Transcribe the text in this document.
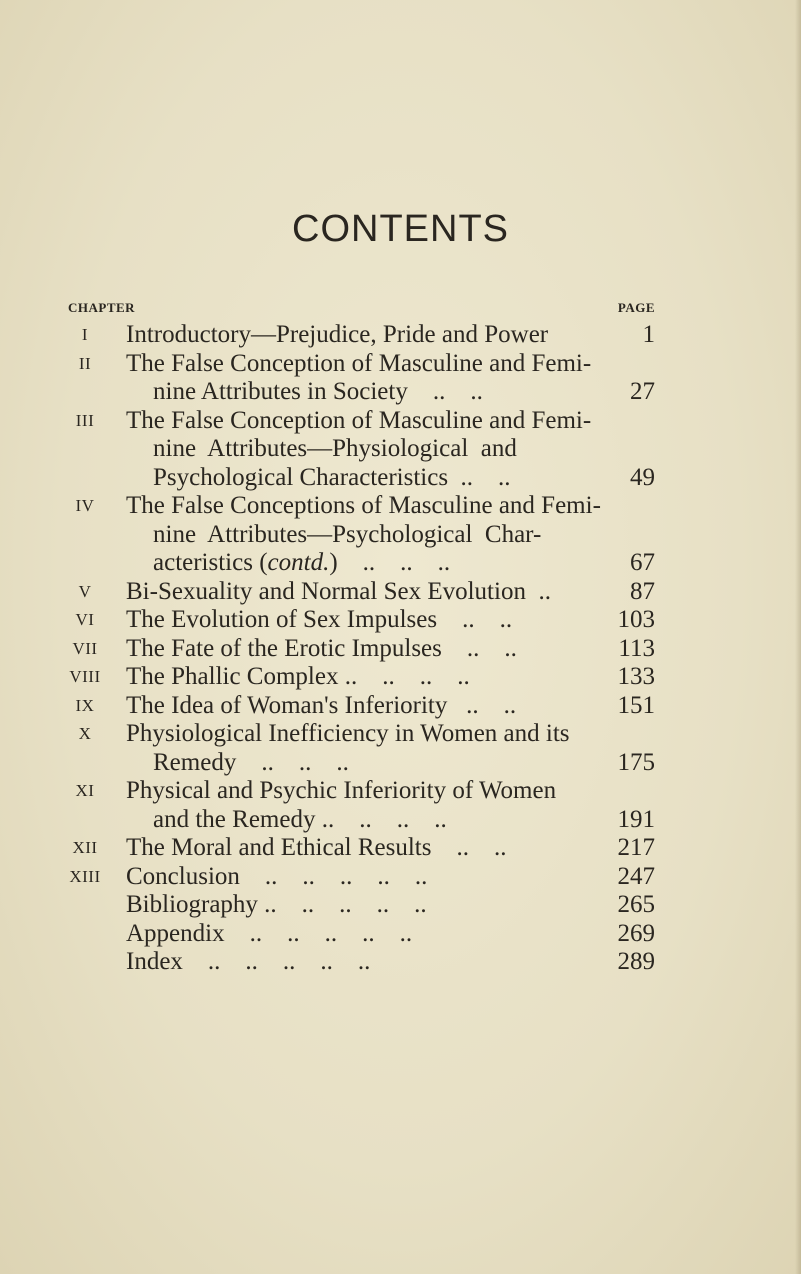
CONTENTS
CHAPTER	PAGE
I	Introductory—Prejudice, Pride and Power	1
II	The False Conception of Masculine and Femi-
nine Attributes in Society    ..    ..	27
III	The False Conception of Masculine and Femi-
nine  Attributes—Physiological  and
Psychological Characteristics  ..    ..	49
IV	The False Conceptions of Masculine and Femi-
nine  Attributes—Psychological  Char-
acteristics (contd.)    ..    ..    ..	67
V	Bi-Sexuality and Normal Sex Evolution  ..	87
VI	The Evolution of Sex Impulses    ..    ..	103
VII	The Fate of the Erotic Impulses    ..    ..	113
VIII	The Phallic Complex ..    ..    ..    ..	133
IX	The Idea of Woman's Inferiority   ..    ..	151
X	Physiological Inefficiency in Women and its
Remedy    ..    ..    ..	175
XI	Physical and Psychic Inferiority of Women
and the Remedy ..    ..    ..    ..	191
XII	The Moral and Ethical Results    ..    ..	217
XIII	Conclusion    ..    ..    ..    ..    ..	247
Bibliography ..    ..    ..    ..    ..	265
Appendix    ..    ..    ..    ..    ..	269
Index    ..    ..    ..    ..    ..	289
